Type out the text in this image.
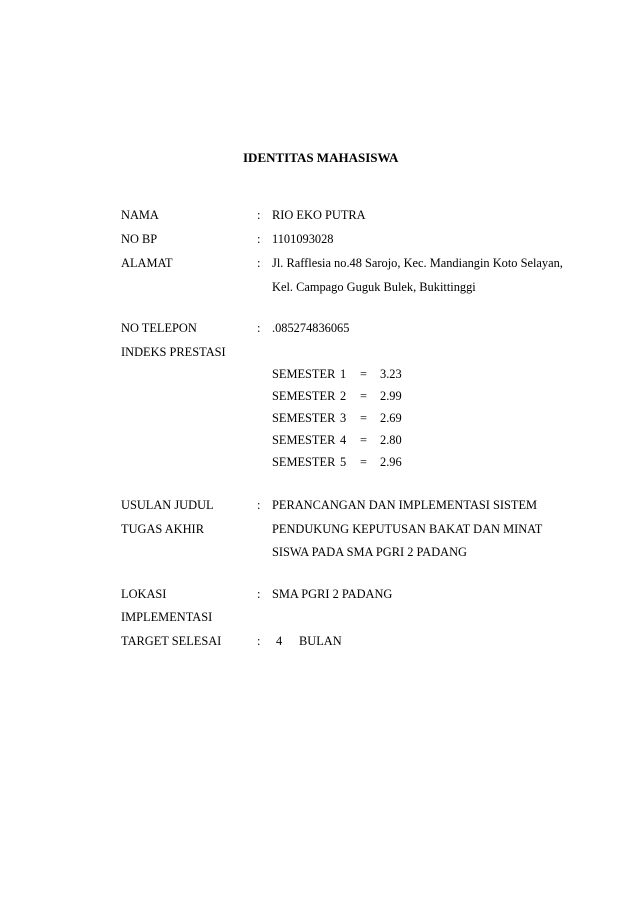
IDENTITAS MAHASISWA
NAMA	: RIO EKO PUTRA
NO BP	: 1101093028
ALAMAT	: Jl. Rafflesia no.48 Sarojo, Kec. Mandiangin Koto Selayan,
Kel. Campago Guguk Bulek, Bukittinggi
NO TELEPON	: .085274836065
INDEKS PRESTASI
SEMESTER 1 = 3.23
SEMESTER 2 = 2.99
SEMESTER 3 = 2.69
SEMESTER 4 = 2.80
SEMESTER 5 = 2.96
USULAN JUDUL
TUGAS AKHIR
: PERANCANGAN DAN IMPLEMENTASI SISTEM
PENDUKUNG KEPUTUSAN BAKAT DAN MINAT
SISWA PADA SMA PGRI 2 PADANG
LOKASI
IMPLEMENTASI
: SMA PGRI 2 PADANG
TARGET SELESAI	: 4 BULAN
